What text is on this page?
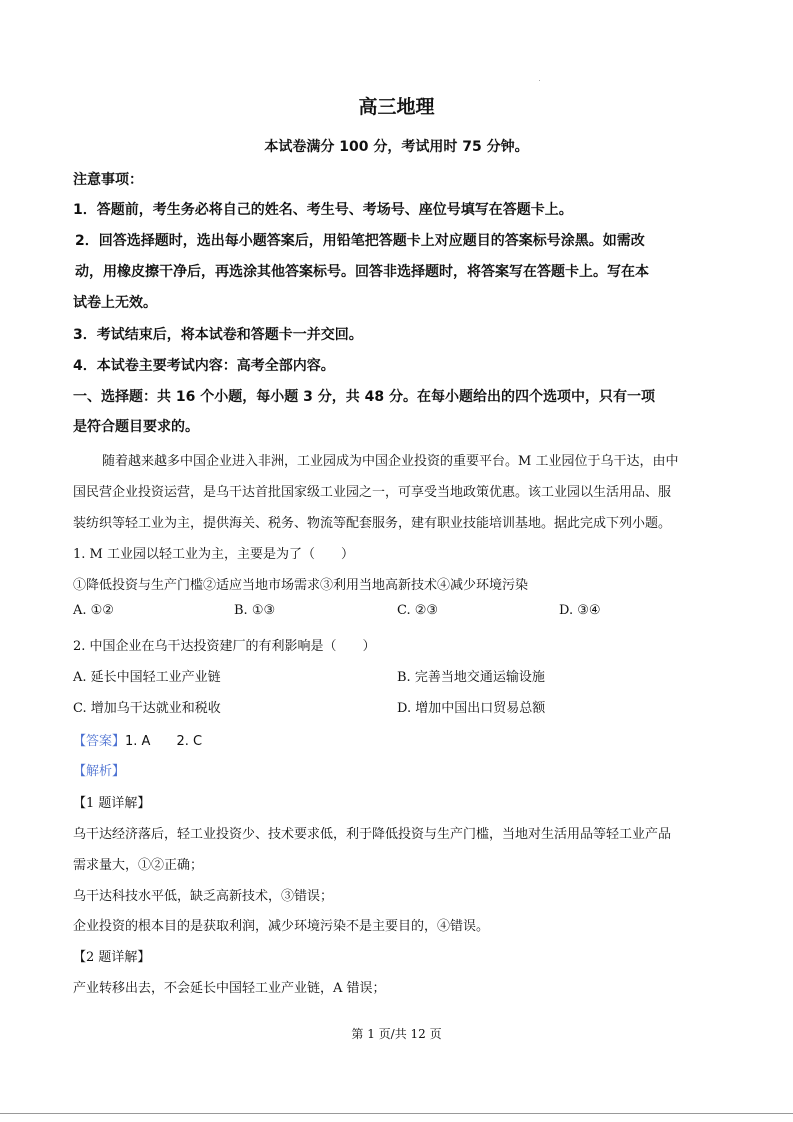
高三地理
本试卷满分 100 分，考试用时 75 分钟。
注意事项：
1．答题前，考生务必将自己的姓名、考生号、考场号、座位号填写在答题卡上。
2．回答选择题时，选出每小题答案后，用铅笔把答题卡上对应题目的答案标号涂黑。如需改
动，用橡皮擦干净后，再选涂其他答案标号。回答非选择题时，将答案写在答题卡上。写在本
试卷上无效。
3．考试结束后，将本试卷和答题卡一并交回。
4．本试卷主要考试内容：高考全部内容。
一、选择题：共 16 个小题，每小题 3 分，共 48 分。在每小题给出的四个选项中，只有一项
是符合题目要求的。
随着越来越多中国企业进入非洲，工业园成为中国企业投资的重要平台。M 工业园位于乌干达，由中
国民营企业投资运营，是乌干达首批国家级工业园之一，可享受当地政策优惠。该工业园以生活用品、服
装纺织等轻工业为主，提供海关、税务、物流等配套服务，建有职业技能培训基地。据此完成下列小题。
1. M 工业园以轻工业为主，主要是为了（　　）
①降低投资与生产门槛②适应当地市场需求③利用当地高新技术④减少环境污染
A. ①②	B. ①③	C. ②③	D. ③④
2. 中国企业在乌干达投资建厂的有利影响是（　　）
A. 延长中国轻工业产业链	B. 完善当地交通运输设施
C. 增加乌干达就业和税收	D. 增加中国出口贸易总额
【答案】1. A　　2. C
【解析】
【1 题详解】
乌干达经济落后，轻工业投资少、技术要求低，利于降低投资与生产门槛，当地对生活用品等轻工业产品
需求量大，①②正确；
乌干达科技水平低，缺乏高新技术，③错误；
企业投资的根本目的是获取利润，减少环境污染不是主要目的，④错误。
【2 题详解】
产业转移出去，不会延长中国轻工业产业链，A 错误；
第 1 页/共 12 页
